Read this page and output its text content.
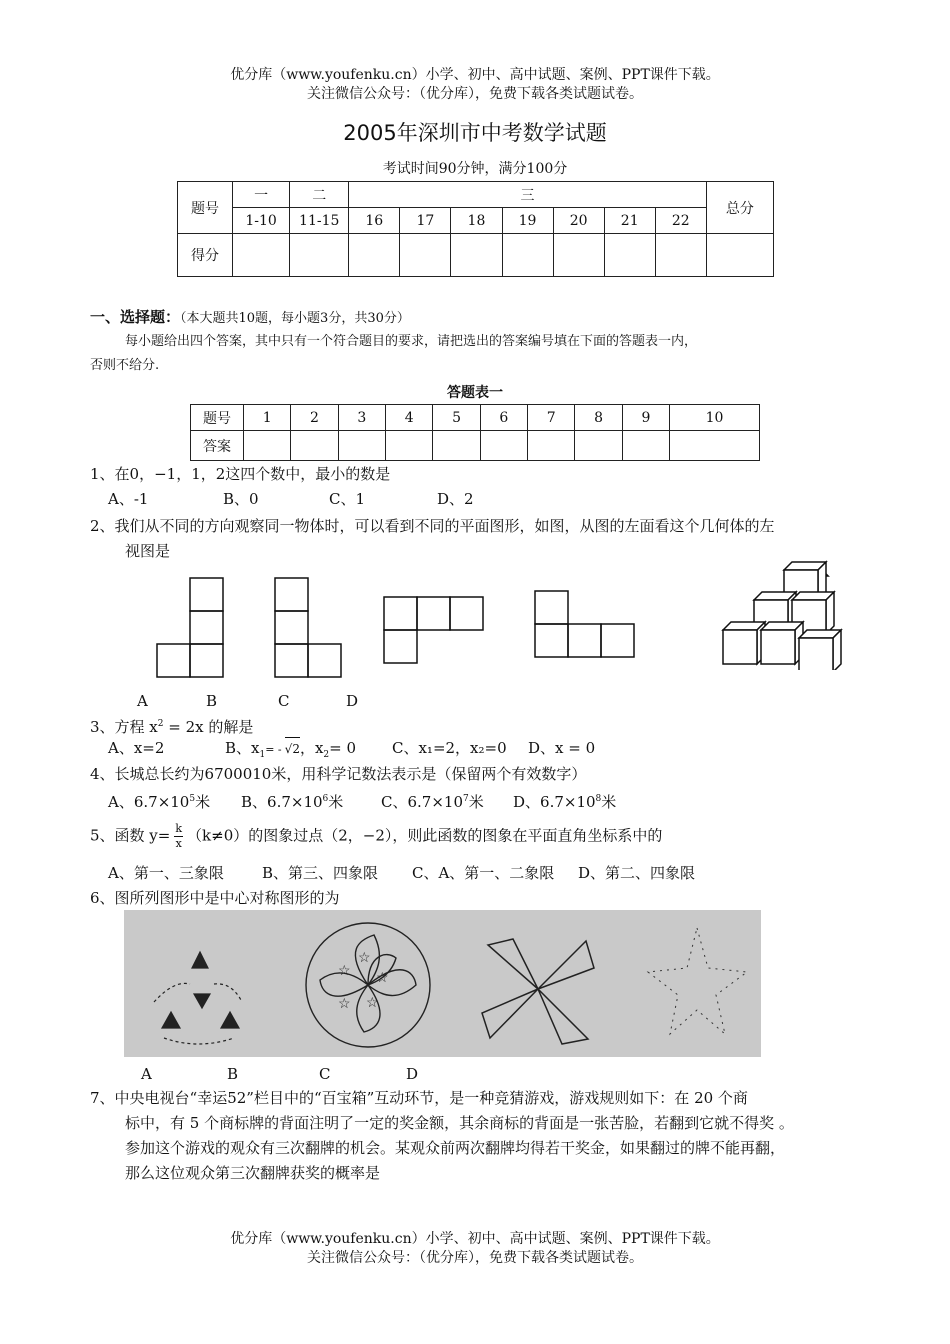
优分库（www.youfenku.cn）小学、初中、高中试题、案例、PPT课件下载。
关注微信公众号：（优分库），免费下载各类试题试卷。
2005年深圳市中考数学试题
考试时间90分钟，满分100分
题号	一	二	三							总分
	1-10	11-15	16	17	18	19	20	21	22	
得分										
一、选择题：（本大题共10题，每小题3分，共30分）
每小题给出四个答案，其中只有一个符合题目的要求，请把选出的答案编号填在下面的答题表一内，
否则不给分.
答题表一
题号	1	2	3	4	5	6	7	8	9	10
答案										
1、在0，−1，1，2这四个数中，最小的数是
A、-1	B、0	C、1	D、2
2、我们从不同的方向观察同一物体时，可以看到不同的平面图形，如图，从图的左面看这个几何体的左
视图是
A	B	C	D
3、方程 $x^2 = 2x$ 的解是
A、x=2	B、$x_1= - √2$，$x_2= 0$ C、x₁=2，x₂=0 D、x = 0
4、长城总长约为6700010米，用科学记数法表示是（保留两个有效数字）
A、$6.7\times 10^5$米 B、$6.7\times 10^6$米	C、$6.7\times 10^7$米 D、$6.7\times 10^8$米
5、函数 $y= \frac{k}{x} (k\ne 0)$的图象过点（2，−2），则此函数的图象在平面直角坐标系中的
A、第一、三象限	B、第三、四象限 C、A、第一、二象限 D、第二、四象限
6、图所列图形中是中心对称图形的为
☆
☆
☆
☆
☆
A	B	C	D
7、中央电视台“幸运52”栏目中的“百宝箱”互动环节，是一种竞猜游戏，游戏规则如下：在 20 个商
标中，有 5 个商标牌的背面注明了一定的奖金额，其余商标的背面是一张苦脸，若翻到它就不得奖 。
参加这个游戏的观众有三次翻牌的机会。某观众前两次翻牌均得若干奖金，如果翻过的牌不能再翻，
那么这位观众第三次翻牌获奖的概率是
优分库（www.youfenku.cn）小学、初中、高中试题、案例、PPT课件下载。
关注微信公众号：（优分库），免费下载各类试题试卷。
